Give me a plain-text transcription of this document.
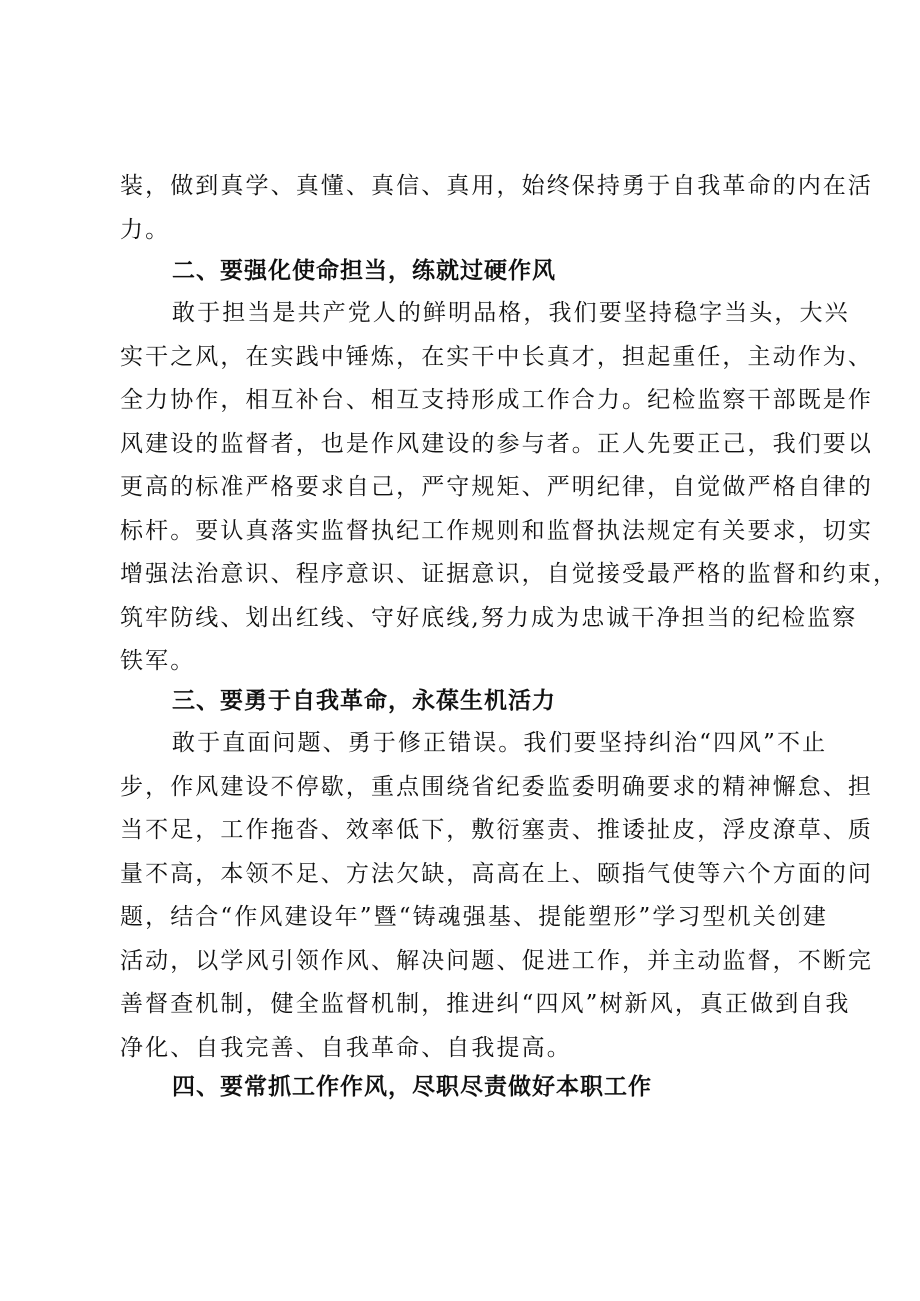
装，做到真学、真懂、真信、真用，始终保持勇于自我革命的内在活
力。
二、要强化使命担当，练就过硬作风
敢于担当是共产党人的鲜明品格，我们要坚持稳字当头，大兴
实干之风，在实践中锤炼，在实干中长真才，担起重任，主动作为、
全力协作，相互补台、相互支持形成工作合力。纪检监察干部既是作
风建设的监督者，也是作风建设的参与者。正人先要正己，我们要以
更高的标准严格要求自己，严守规矩、严明纪律，自觉做严格自律的
标杆。要认真落实监督执纪工作规则和监督执法规定有关要求，切实
增强法治意识、程序意识、证据意识，自觉接受最严格的监督和约束，
筑牢防线、划出红线、守好底线,努力成为忠诚干净担当的纪检监察
铁军。
三、要勇于自我革命，永葆生机活力
敢于直面问题、勇于修正错误。我们要坚持纠治“四风”不止
步，作风建设不停歇，重点围绕省纪委监委明确要求的精神懈怠、担
当不足，工作拖沓、效率低下，敷衍塞责、推诿扯皮，浮皮潦草、质
量不高，本领不足、方法欠缺，高高在上、颐指气使等六个方面的问
题，结合“作风建设年”暨“铸魂强基、提能塑形”学习型机关创建
活动，以学风引领作风、解决问题、促进工作，并主动监督，不断完
善督查机制，健全监督机制，推进纠“四风”树新风，真正做到自我
净化、自我完善、自我革命、自我提高。
四、要常抓工作作风，尽职尽责做好本职工作
